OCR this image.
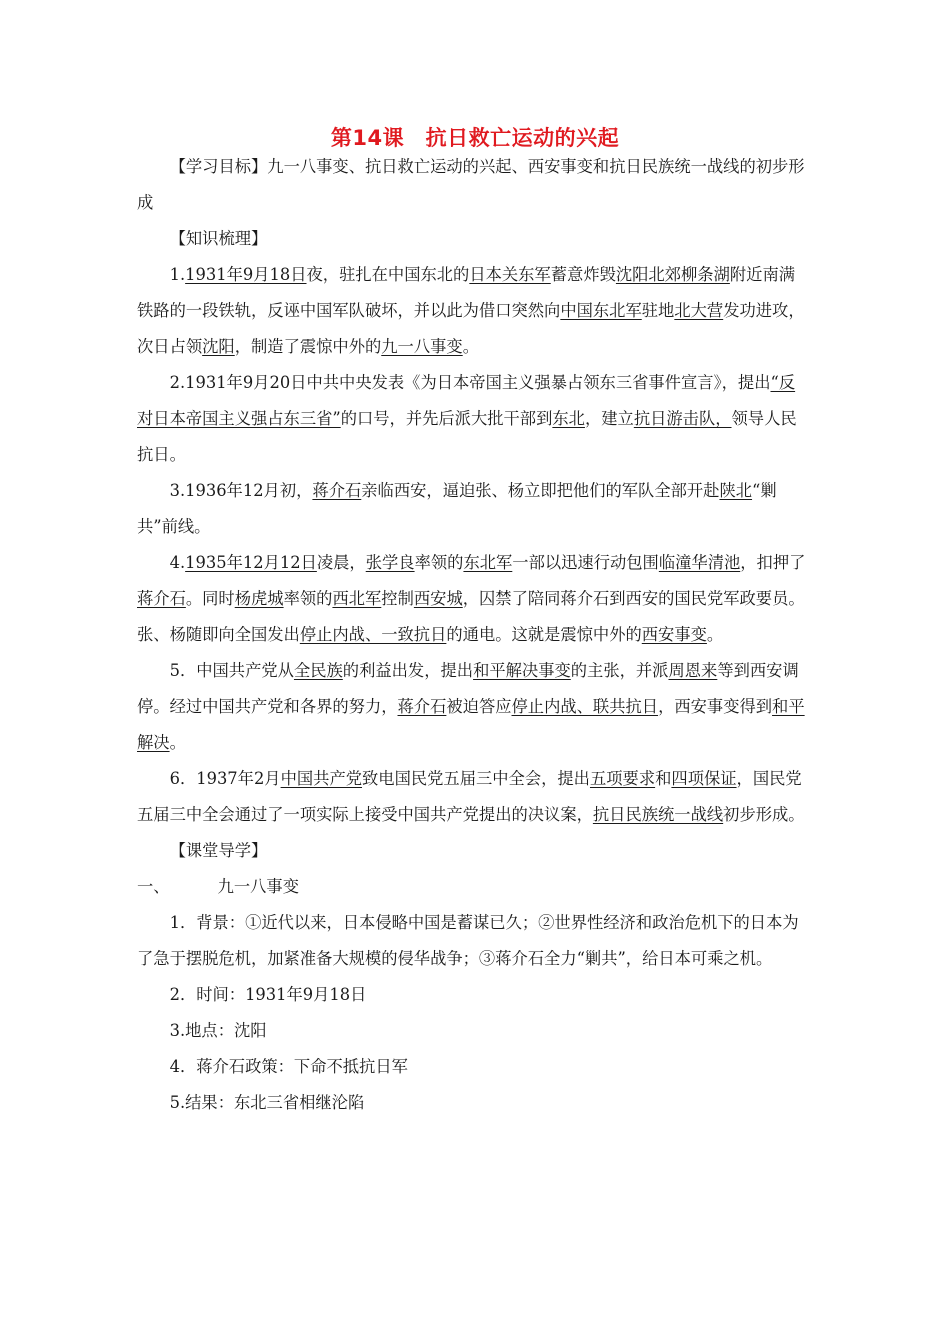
第14课　抗日救亡运动的兴起

【学习目标】九一八事变、抗日救亡运动的兴起、西安事变和抗日民族统一战线的初步形成

【知识梳理】

1.1931年9月18日夜，驻扎在中国东北的日本关东军蓄意炸毁沈阳北郊柳条湖附近南满铁路的一段铁轨，反诬中国军队破坏，并以此为借口突然向中国东北军驻地北大营发功进攻，次日占领沈阳，制造了震惊中外的九一八事变。

2.1931年9月20日中共中央发表《为日本帝国主义强暴占领东三省事件宣言》，提出“反对日本帝国主义强占东三省”的口号，并先后派大批干部到东北，建立抗日游击队，领导人民抗日。

3.1936年12月初，蒋介石亲临西安，逼迫张、杨立即把他们的军队全部开赴陕北“剿共”前线。

4.1935年12月12日凌晨，张学良率领的东北军一部以迅速行动包围临潼华清池，扣押了蒋介石。同时杨虎城率领的西北军控制西安城，囚禁了陪同蒋介石到西安的国民党军政要员。张、杨随即向全国发出停止内战、一致抗日的通电。这就是震惊中外的西安事变。

5．中国共产党从全民族的利益出发，提出和平解决事变的主张，并派周恩来等到西安调停。经过中国共产党和各界的努力，蒋介石被迫答应停止内战、联共抗日，西安事变得到和平解决。

6．1937年2月中国共产党致电国民党五届三中全会，提出五项要求和四项保证，国民党五届三中全会通过了一项实际上接受中国共产党提出的决议案，抗日民族统一战线初步形成。

【课堂导学】

一、	九一八事变

1．背景：①近代以来，日本侵略中国是蓄谋已久；②世界性经济和政治危机下的日本为了急于摆脱危机，加紧准备大规模的侵华战争；③蒋介石全力“剿共”，给日本可乘之机。

2．时间：1931年9月18日

3.地点：沈阳

4．蒋介石政策：下命不抵抗日军

5.结果：东北三省相继沦陷
